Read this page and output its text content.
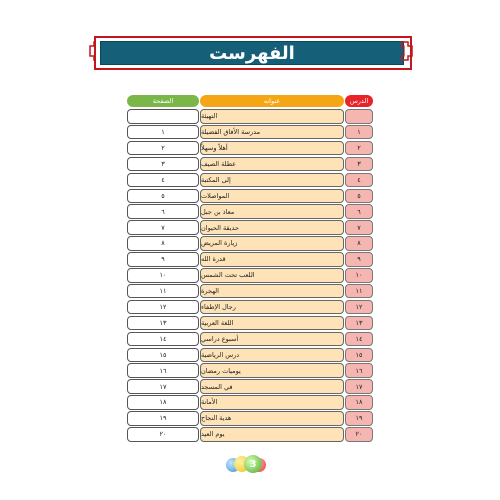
الفهرست
الصفحة	عنوانه	الدرس
التهيئة
١	مدرسة الأفاق الفضيلة	١
٢	أهلاً وسهلاً	٢
٣	عطلة الصيف	٣
٤	إلى المكتبة	٤
٥	المواصلات	٥
٦	معاذ بن جبل	٦
٧	حديقة الحيوان	٧
٨	زيارة المريض	٨
٩	قدرة الله	٩
١٠	اللعب تحت الشمس	١٠
١١	الهجرة	١١
١٢	رجال الإطفاء	١٢
١٣	اللغة العربية	١٣
١٤	أسبوع دراسي	١٤
١٥	درس الرياضية	١٥
١٦	يوميات رمضان	١٦
١٧	في المسجد	١٧
١٨	الأمانة	١٨
١٩	هدية النجاح	١٩
٢٠	يوم العيد	٢٠
3
